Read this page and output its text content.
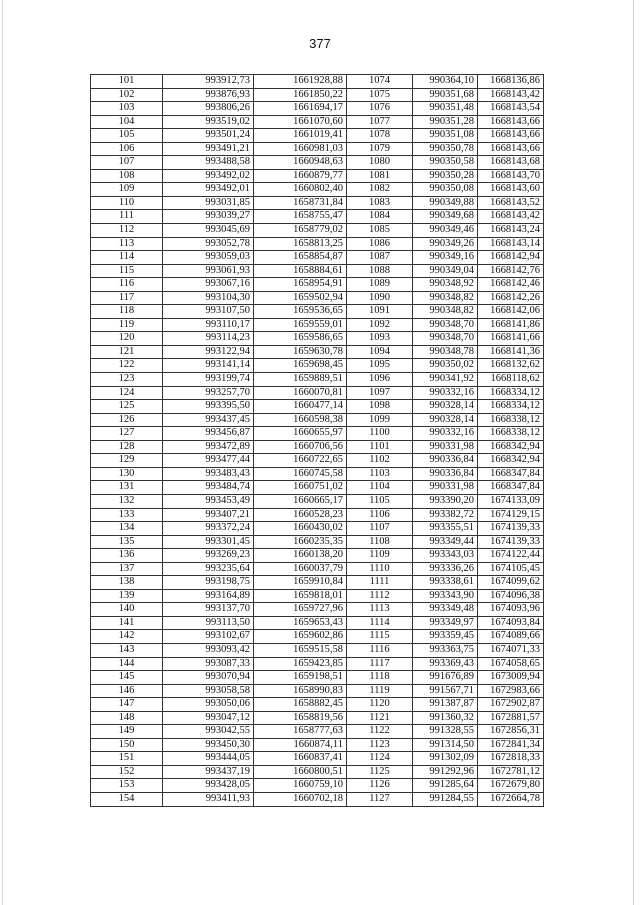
377
101	993912,73	1661928,88	1074	990364,10	1668136,86
102	993876,93	1661850,22	1075	990351,68	1668143,42
103	993806,26	1661694,17	1076	990351,48	1668143,54
104	993519,02	1661070,60	1077	990351,28	1668143,66
105	993501,24	1661019,41	1078	990351,08	1668143,66
106	993491,21	1660981,03	1079	990350,78	1668143,66
107	993488,58	1660948,63	1080	990350,58	1668143,68
108	993492,02	1660879,77	1081	990350,28	1668143,70
109	993492,01	1660802,40	1082	990350,08	1668143,60
110	993031,85	1658731,84	1083	990349,88	1668143,52
111	993039,27	1658755,47	1084	990349,68	1668143,42
112	993045,69	1658779,02	1085	990349,46	1668143,24
113	993052,78	1658813,25	1086	990349,26	1668143,14
114	993059,03	1658854,87	1087	990349,16	1668142,94
115	993061,93	1658884,61	1088	990349,04	1668142,76
116	993067,16	1658954,91	1089	990348,92	1668142,46
117	993104,30	1659502,94	1090	990348,82	1668142,26
118	993107,50	1659536,65	1091	990348,82	1668142,06
119	993110,17	1659559,01	1092	990348,70	1668141,86
120	993114,23	1659586,65	1093	990348,70	1668141,66
121	993122,94	1659630,78	1094	990348,78	1668141,36
122	993141,14	1659698,45	1095	990350,02	1668132,62
123	993199,74	1659889,51	1096	990341,92	1668118,62
124	993257,70	1660070,81	1097	990332,16	1668334,12
125	993395,50	1660477,14	1098	990328,14	1668334,12
126	993437,45	1660598,38	1099	990328,14	1668338,12
127	993456,87	1660655,97	1100	990332,16	1668338,12
128	993472,89	1660706,56	1101	990331,98	1668342,94
129	993477,44	1660722,65	1102	990336,84	1668342,94
130	993483,43	1660745,58	1103	990336,84	1668347,84
131	993484,74	1660751,02	1104	990331,98	1668347,84
132	993453,49	1660665,17	1105	993390,20	1674133,09
133	993407,21	1660528,23	1106	993382,72	1674129,15
134	993372,24	1660430,02	1107	993355,51	1674139,33
135	993301,45	1660235,35	1108	993349,44	1674139,33
136	993269,23	1660138,20	1109	993343,03	1674122,44
137	993235,64	1660037,79	1110	993336,26	1674105,45
138	993198,75	1659910,84	1111	993338,61	1674099,62
139	993164,89	1659818,01	1112	993343,90	1674096,38
140	993137,70	1659727,96	1113	993349,48	1674093,96
141	993113,50	1659653,43	1114	993349,97	1674093,84
142	993102,67	1659602,86	1115	993359,45	1674089,66
143	993093,42	1659515,58	1116	993363,75	1674071,33
144	993087,33	1659423,85	1117	993369,43	1674058,65
145	993070,94	1659198,51	1118	991676,89	1673009,94
146	993058,58	1658990,83	1119	991567,71	1672983,66
147	993050,06	1658882,45	1120	991387,87	1672902,87
148	993047,12	1658819,56	1121	991360,32	1672881,57
149	993042,55	1658777,63	1122	991328,55	1672856,31
150	993450,30	1660874,11	1123	991314,50	1672841,34
151	993444,05	1660837,41	1124	991302,09	1672818,33
152	993437,19	1660800,51	1125	991292,96	1672781,12
153	993428,05	1660759,10	1126	991285,64	1672679,80
154	993411,93	1660702,18	1127	991284,55	1672664,78
